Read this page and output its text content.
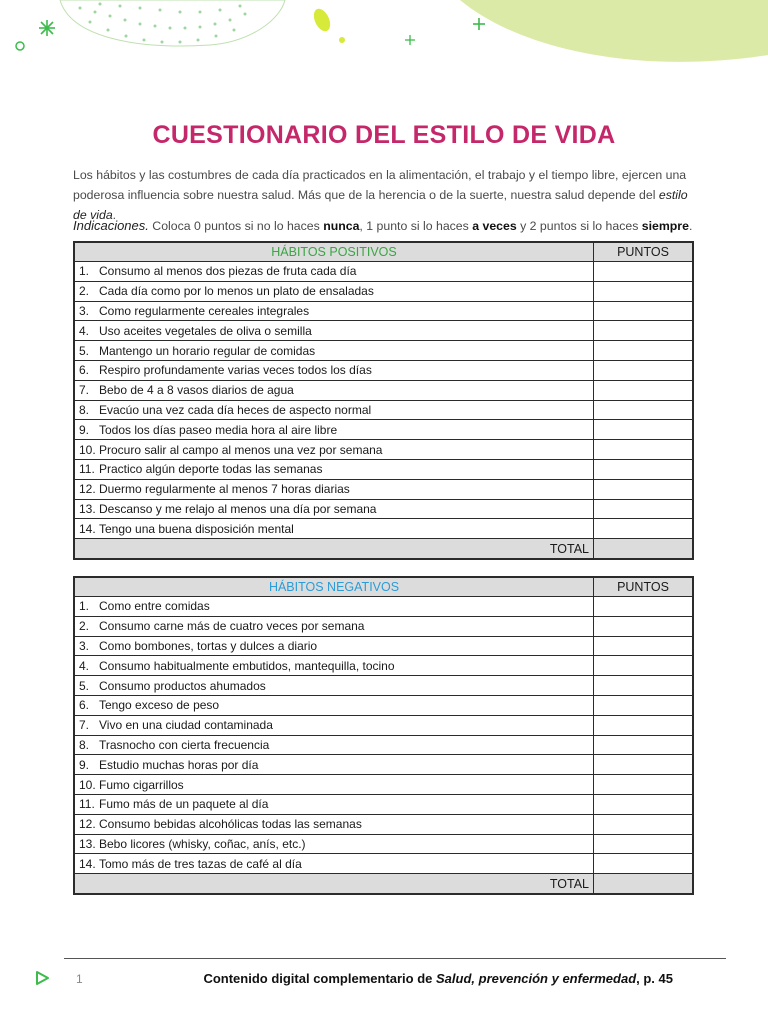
CUESTIONARIO DEL ESTILO DE VIDA
Los hábitos y las costumbres de cada día practicados en la alimentación, el trabajo y el tiempo libre, ejercen una poderosa influencia sobre nuestra salud. Más que de la herencia o de la suerte, nuestra salud depende del estilo de vida.
Indicaciones. Coloca 0 puntos si no lo haces nunca, 1 punto si lo haces a veces y 2 puntos si lo haces siempre.
HÁBITOS POSITIVOS	PUNTOS
1. Consumo al menos dos piezas de fruta cada día	
2. Cada día como por lo menos un plato de ensaladas	
3. Como regularmente cereales integrales	
4. Uso aceites vegetales de oliva o semilla	
5. Mantengo un horario regular de comidas	
6. Respiro profundamente varias veces todos los días	
7. Bebo de 4 a 8 vasos diarios de agua	
8. Evacúo una vez cada día heces de aspecto normal	
9. Todos los días paseo media hora al aire libre	
10. Procuro salir al campo al menos una vez por semana	
11. Practico algún deporte todas las semanas	
12. Duermo regularmente al menos 7 horas diarias	
13. Descanso y me relajo al menos una día por semana	
14. Tengo una buena disposición mental	
TOTAL	
HÁBITOS NEGATIVOS	PUNTOS
1. Como entre comidas	
2. Consumo carne más de cuatro veces por semana	
3. Como bombones, tortas y dulces a diario	
4. Consumo habitualmente embutidos, mantequilla, tocino	
5. Consumo productos ahumados	
6. Tengo exceso de peso	
7. Vivo en una ciudad contaminada	
8. Trasnocho con cierta frecuencia	
9. Estudio muchas horas por día	
10. Fumo cigarrillos	
11. Fumo más de un paquete al día	
12. Consumo bebidas alcohólicas todas las semanas	
13. Bebo licores (whisky, coñac, anís, etc.)	
14. Tomo más de tres tazas de café al día	
TOTAL	
1	Contenido digital complementario de Salud, prevención y enfermedad, p. 45
